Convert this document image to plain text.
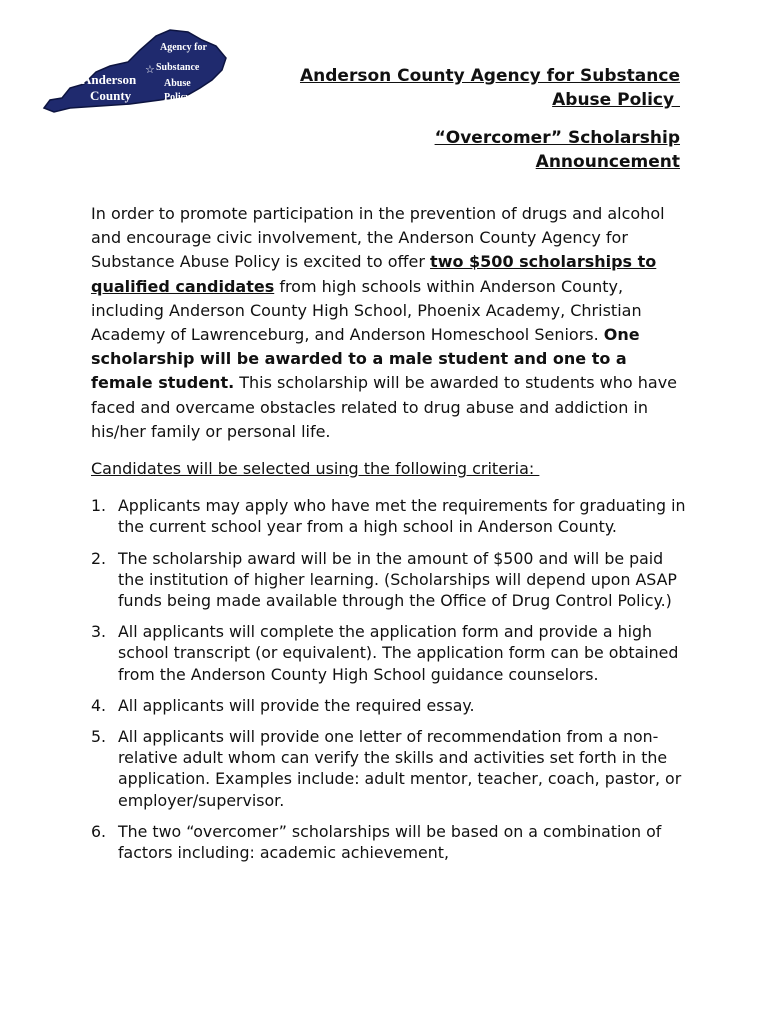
Anderson
County
Agency for
☆ Substance
Abuse
Policy
Anderson County Agency for Substance
Abuse Policy
“Overcomer” Scholarship
Announcement

In order to promote participation in the prevention of drugs and alcohol and encourage civic involvement, the Anderson County Agency for Substance Abuse Policy is excited to offer two $500 scholarships to qualified candidates from high schools within Anderson County, including Anderson County High School, Phoenix Academy, Christian Academy of Lawrenceburg, and Anderson Homeschool Seniors. One scholarship will be awarded to a male student and one to a female student. This scholarship will be awarded to students who have faced and overcame obstacles related to drug abuse and addiction in his/her family or personal life.

Candidates will be selected using the following criteria:

1. Applicants may apply who have met the requirements for graduating in the current school year from a high school in Anderson County.
2. The scholarship award will be in the amount of $500 and will be paid the institution of higher learning. (Scholarships will depend upon ASAP funds being made available through the Office of Drug Control Policy.)
3. All applicants will complete the application form and provide a high school transcript (or equivalent). The application form can be obtained from the Anderson County High School guidance counselors.
4. All applicants will provide the required essay.
5. All applicants will provide one letter of recommendation from a non-relative adult whom can verify the skills and activities set forth in the application. Examples include: adult mentor, teacher, coach, pastor, or employer/supervisor.
6. The two “overcomer” scholarships will be based on a combination of factors including: academic achievement,
